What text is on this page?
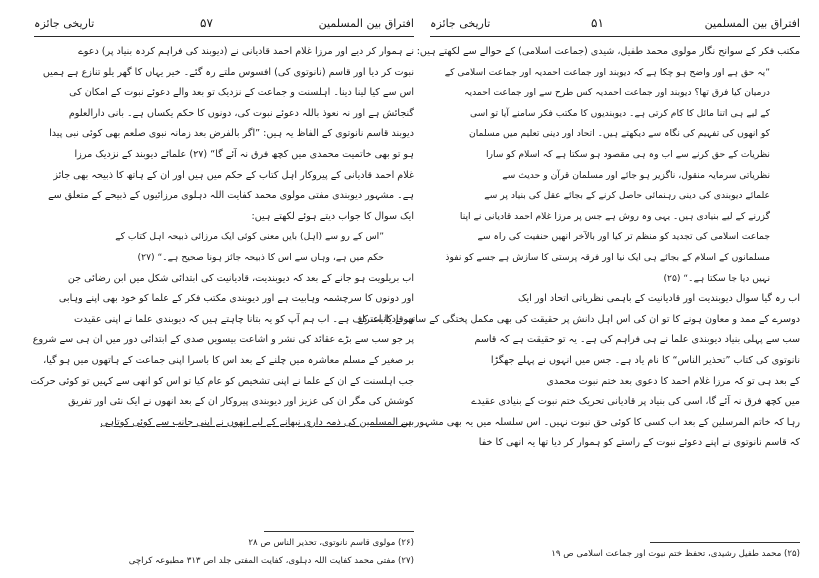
افتراق بین المسلمین
۵۷
تاریخی جائزہ
نے ہموار کر دیے اور مرزا غلام احمد قادیانی نے (دیوبند کی فراہم کردہ بنیاد پر) دعوے
نبوت کر دیا اور قاسم (نانوتوی کی) افسوس ملتے رہ گئے۔ خیر یہاں کا گھر یلو تنازع ہے ہمیں
اس سے کیا لینا دینا۔ اہلسنت و جماعت کے نزدیک تو بعد والے دعوئے نبوت کے امکان کی
گنجائش ہے اور نہ نعوذ باللہ دعوئے نبوت کی، دونوں کا حکم یکساں ہے۔ بانی دارالعلوم
دیوبند قاسم نانوتوی کے الفاظ یہ ہیں: ”اگر بالفرض بعد زمانہ نبوی صلعم بھی کوئی نبی پیدا
ہو تو بھی خاتمیت محمدی میں کچھ فرق نہ آئے گا“ (۲۷) علمائے دیوبند کے نزدیک مرزا
غلام احمد قادیانی کے پیروکار اہل کتاب کے حکم میں ہیں اور ان کے ہاتھ کا ذبیحہ بھی جائز
ہے۔ مشہور دیوبندی مفتی مولوی محمد کفایت اللہ دہلوی مرزائیوں کے ذبیحے کے متعلق سے
ایک سوال کا جواب دیتے ہوئے لکھتے ہیں:
”اس کے رو سے (اہل) بایں معنی کوئی ایک مرزائی ذبیحہ اہل کتاب کے
حکم میں ہے، وہاں سے اس کا ذبیحہ جائز ہونا صحیح ہے۔“ (۲۷)
اب بریلویت ہو جانے کے بعد کہ دیوبندیت، قادیانیت کی ابتدائی شکل میں ابن رضائی جن
اور دونوں کا سرچشمہ وہابیت ہے اور دیوبندی مکتب فکر کے علما کو خود بھی اپنے وہابی
ہونے کا اعتراف ہے۔ اب ہم آپ کو یہ بتانا چاہتے ہیں کہ دیوبندی علما نے اپنی عقیدت
پر جو سب سے بڑے عقائد کی نشر و اشاعت بیسویں صدی کے ابتدائی دور میں ان ہی سے شروع
بر صغیر کے مسلم معاشرہ میں چلنے کے بعد اس کا باسرا اپنی جماعت کے ہاتھوں میں ہو گیا،
جب اہلسنت کے ان کے علما نے اپنی تشخیص کو عام کیا تو اس کو انھی سے کہیں تو کوئی حرکت
کوشش کی مگر ان کی عزیز اور دیوبندی پیروکار ان کے بعد انھوں نے ایک نئی اور تفریق
بین المسلمین کی ذمہ داری نبھانے کے لیے انھوں نے اپنی جانب سے کوئی کوتاہی
(۲۶) مولوی قاسم نانوتوی، تحذیر الناس ص ۲۸
(۲۷) مفتی محمد کفایت اللہ دہلوی، کفایت المفتی جلد اص ۳۱۳ مطبوعہ کراچی
افتراق بین المسلمین
۵۱
تاریخی جائزہ
مکتب فکر کے سوانح نگار مولوی محمد طفیل، شیدی (جماعت اسلامی) کے حوالے سے لکھتے ہیں:
”یہ حق ہے اور واضح ہو چکا ہے کہ دیوبند اور جماعت احمدیہ اور جماعت اسلامی کے
درمیان کیا فرق تھا؟ دیوبند اور جماعت احمدیہ کس طرح سے اور جماعت احمدیہ
کے لیے ہی اتنا مائل کا کام کرتی ہے۔ دیوبندیوں کا مکتب فکر سامنے آیا تو اسی
کو انھوں کی تفہیم کی نگاہ سے دیکھتے ہیں۔ اتحاد اور دینی تعلیم میں مسلمان
نظریات کے حق کرنے سے اب وہ ہی مقصود ہو سکتا ہے کہ اسلام کو سارا
نظریاتی سرمایہ منقول، ناگزیر ہو جائے اور مسلمان قرآن و حدیث سے
علمائے دیوبندی کی دینی رہنمائی حاصل کرنے کے بجائے عقل کی بنیاد پر سے
گزرنے کے لیے بنیادی ہیں۔ یہی وہ روش ہے جس پر مرزا غلام احمد قادیانی نے اپنا
جماعت اسلامی کی تجدید کو منظم تر کیا اور بالآخر انھیں حنفیت کی راہ سے
مسلمانوں کے اسلام کے بجائے ہی ایک نیا اور فرقہ پرستی کا سازش ہے جسے کو نفوذ
نہیں دیا جا سکتا ہے۔“ (۲۵)
اب رہ گیا سوال دیوبندیت اور قادیانیت کے باہمی نظریاتی اتحاد اور ایک
دوسرے کے ممد و معاون ہونے کا تو ان کی اس اہل دانش پر حقیقت کی بھی مکمل پختگی کے ساتھ قادیانیت کے
سب سے پہلی بنیاد دیوبندی علما نے ہی فراہم کی ہے۔ یہ تو حقیقت ہے کہ قاسم
نانوتوی کی کتاب ”تحذیر الناس“ کا نام یاد ہے۔ جس میں انہوں نے پہلے جھگڑا
کے بعد ہی تو کہ مرزا غلام احمد کا دعوی بعد ختم نبوت محمدی
میں کچھ فرق نہ آئے گا، اسی کی بنیاد پر قادیانی تحریک ختم نبوت کے بنیادی عقیدے
رہا کہ خاتم المرسلین کے بعد اب کسی کا کوئی حق نبوت نہیں۔ اس سلسلہ میں یہ بھی مشہور ہے
کہ قاسم نانوتوی نے اپنے دعوئے نبوت کے راستے کو ہموار کر دیا تھا یہ انھی کا خفا
(۲۵) محمد طفیل رشیدی، تحفظ ختم نبوت اور جماعت اسلامی ص ۱۹
